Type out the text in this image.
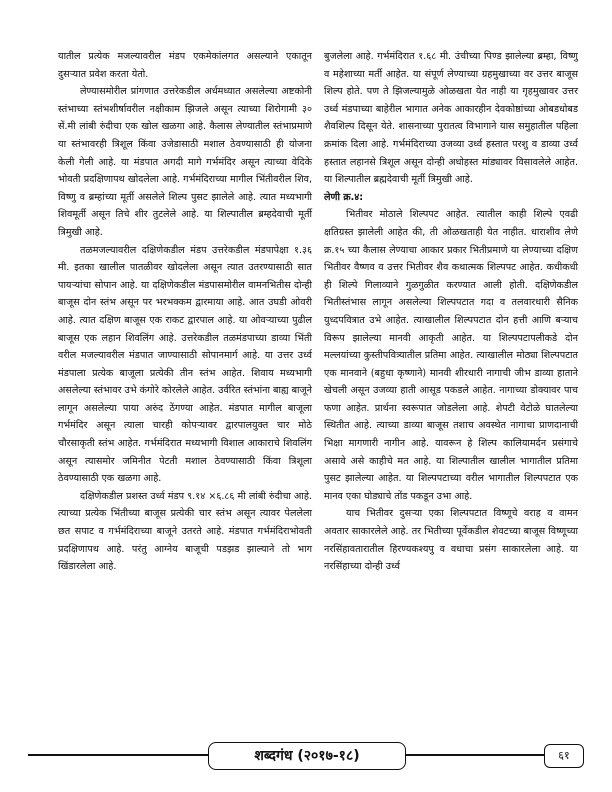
यातील प्रत्येक मजल्यावरील मंडप एकमेकांलगत असल्याने एकातून दुसऱ्यात प्रवेश करता येतो.

लेण्यासमोरील प्रांगणात उत्तरेकडील अर्धमध्यात असलेल्या अष्टकोनी स्तंभाच्या स्तंभशीर्षावरील नक्षीकाम झिजले असून त्याच्या शिरोगामी ३० सें.मी लांबी रुंदीचा एक खोल खळगा आहे. कैलास लेण्यातील स्तंभाप्रमाणे या स्तंभावरही त्रिशूल किंवा उजेडासाठी मशाल ठेवण्यासाठी ही योजना केली गेली आहे. या मंडपात अगदी मागे गर्भमंदिर असून त्याच्या वेदिके भोवती प्रदक्षिणापथ खोदलेला आहे. गर्भमंदिराच्या मागील भिंतीवरील शिव, विष्णु व ब्रम्हांच्या मूर्ती असलेले शिल्प पुसट झालेले आहे. त्यात मध्यभागी शिवमूर्ती असून तिचे शीर तुटलेले आहे. या शिल्पातील ब्रम्हदेवाची मूर्ती त्रिमुखी आहे.

तळमजल्यावरील दक्षिणेकडील मंडप उत्तरेकडील मंडपापेक्षा १.३६ मी. इतका खालील पातळीवर खोदलेला असून त्यात उतरण्यासाठी सात पायऱ्यांचा सोपान आहे. या दक्षिणेकडील मंडपासमोरील वामनभितीस दोन्ही बाजूस दोन स्तंभ असून पर भरभक्कम द्वारमाया आहे. आत उघडी ओवरी आहे. त्यात दक्षिण बाजूस एक राकट द्वारपाल आहे. या ओवऱ्याच्या पुढील बाजूस एक लहान शिवलिंग आहे. उत्तरेकडील तळमंडपाच्या डाव्या भिंती वरील मजल्यावरील मंडपात जाण्यासाठी सोपानमार्ग आहे. या उत्तर उर्ध्व मंडपाला प्रत्येक बाजूला प्रत्येकी तीन स्तंभ आहेत. शिवाय मध्यभागी असलेल्या स्तंभावर उभे कंगोरे कोरलेले आहेत. उर्वरित स्तंभांना बाह्य बाजूने लागून असलेल्या पाया अरुंद ठेंगण्या आहेत. मंडपात मागील बाजूला गर्भमंदिर असून त्याला चारही कोपऱ्यावर द्वारपालयुक्त चार मोठे चौरसाकृती स्तंभ आहेत. गर्भमंदिरात मध्यभागी विशाल आकाराचे शिवलिंग असून त्यासमोर जमिनीत पेटती मशाल ठेवण्यासाठी किंवा त्रिशूला ठेवण्यासाठी एक खळगा आहे.

दक्षिणेकडील प्रशस्त उर्ध्व मंडप ९.१४ ×६.८६ मी लांबी रुंदीचा आहे. त्याच्या प्रत्येक भिंतीच्या बाजूस प्रत्येकी चार स्तंभ असून त्यावर पेललेला छत सपाट व गर्भमंदिराच्या बाजूने उतरते आहे. मंडपात गर्भमंदिराभोवती प्रदक्षिणापथ आहे. परंतु आग्नेय बाजूची पडझड झाल्याने तो भाग खिंडारलेला आहे.

बुजलेला आहे. गर्भमंदिरात १.६८ मी. उंचीच्या पिण्ड झालेल्या ब्रम्हा, विष्णु व महेशाच्या मर्ती आहेत. या संपूर्ण लेण्याच्या ग्रहमुखाच्या वर उत्तर बाजूस शिल्प होते. पण ते झिजल्यामुळे ओळखता येत नाही या गृहमुखावर उत्तर उर्ध्व मंडपाच्या बाहेरील भागात अनेक आकारहीन देवकोष्ठांच्या ओबडधोबड शैवशिल्प दिसून येते. शासनाच्या पुरातत्व विभागाने यास समुहातील पहिला क्रमांक दिला आहे. गर्भमंदिराच्या उजव्या उर्ध्व हस्तात परशु व डाव्या उर्ध्व हस्तात लहानसे त्रिशूल असून दोन्ही अधोहस्त मांड्यावर विसावलेले आहेत. या शिल्पातील ब्रह्मदेवाची मूर्ती त्रिमुखी आहे.

लेणी क्र.४:

भितीवर मोठाले शिल्पपट आहेत. त्यातील काही शिल्पे एवढी क्षतिग्रस्त झालेली आहेत की, ती ओळखताही येत नाहीत. धाराशीव लेणे क्र.१५ च्या कैलास लेण्याचा आकार प्रकार भितीप्रमाणे या लेण्याच्या दक्षिण भितीवर वैष्णव व उत्तर भितीवर शैव कथात्मक शिल्पपट आहेत. कधीकधी ही शिल्पे गिलाव्याने गुळगुळीत करण्यात आली होती. दक्षिणेकडील भितीस्तंभास लागून असलेल्या शिल्पपटात गदा व तलवारधारी सैनिक युध्दपवित्रात उभे आहेत. त्याखालील शिल्पपटात दोन हत्ती आणि बऱ्याच विरूप झालेल्या मानवी आकृती आहेत. या शिल्पपटापलीकडे दोन मल्लयांच्या कुस्तीपवित्र्यातील प्रतिमा आहेत. त्याखालील मोठ्या शिल्पपटात एक मानवाने (बहुधा कृष्णाने) मानवी शीरधारी नागाची जीभ डाव्या हाताने खेचली असून उजव्या हाती आसूड पकडले आहेत. नागाच्या डोक्यावर पाच फणा आहेत. प्रार्थना स्वरूपात जोडलेला आहे. शेपटी वेटोळे घातलेल्या स्थितीत आहे. त्याच्या डाव्या बाजूस तशाच अवस्थेत नागाचा प्राणदानाची भिक्षा मागणारी नागीन आहे. यावरून हे शिल्प कालियामर्दन प्रसंगाचे असावे असे काहीचे मत आहे. या शिल्पातील खालील भागातील प्रतिमा पुसट झालेल्या आहेत. या शिल्पपटाच्या वरील भागातील शिल्पपटात एक मानव एका घोड्याचे तोंड पकडून उभा आहे.

याच भितीवर दुसऱ्या एका शिल्पपटात विष्णूचे वराह व वामन अवतार साकारलेले आहे. तर भितीच्या पूर्वेकडील शेवटच्या बाजूस विष्णूच्या नरसिंहावतारातील हिरण्यकश्यपु व वधाचा प्रसंग साकारलेला आहे. या नरसिंहाच्या दोन्ही उर्ध्व

शब्दगंध (२०१७-१८)	६१
